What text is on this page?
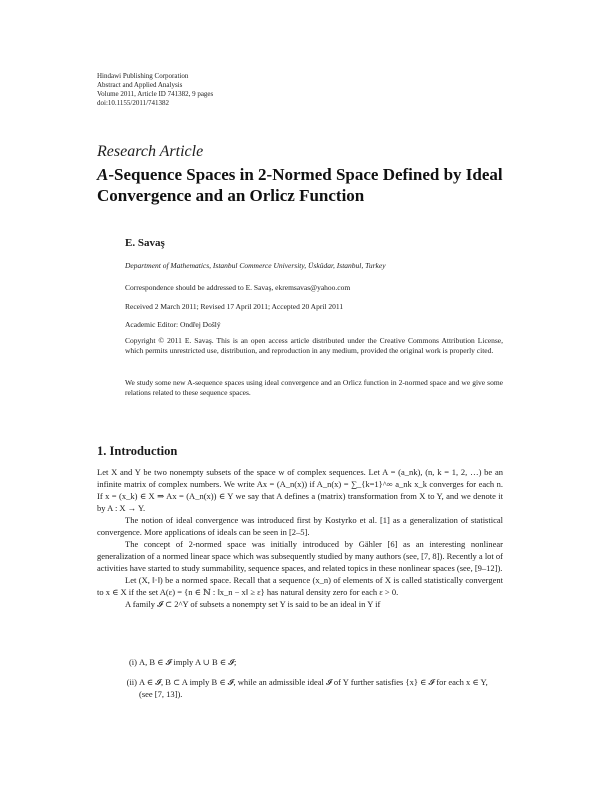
Hindawi Publishing Corporation
Abstract and Applied Analysis
Volume 2011, Article ID 741382, 9 pages
doi:10.1155/2011/741382
Research Article
A-Sequence Spaces in 2-Normed Space Defined by Ideal Convergence and an Orlicz Function
E. Savaş
Department of Mathematics, Istanbul Commerce University, Üsküdar, Istanbul, Turkey
Correspondence should be addressed to E. Savaş, ekremsavas@yahoo.com
Received 2 March 2011; Revised 17 April 2011; Accepted 20 April 2011
Academic Editor: Ondřej Došlý
Copyright © 2011 E. Savaş. This is an open access article distributed under the Creative Commons Attribution License, which permits unrestricted use, distribution, and reproduction in any medium, provided the original work is properly cited.
We study some new A-sequence spaces using ideal convergence and an Orlicz function in 2-normed space and we give some relations related to these sequence spaces.
1. Introduction

Let X and Y be two nonempty subsets of the space w of complex sequences. Let A = (a_nk), (n, k = 1, 2, …) be an infinite matrix of complex numbers. We write Ax = (A_n(x)) if A_n(x) = ∑_{k=1}^∞ a_nk x_k converges for each n. If x = (x_k) ∈ X ⇒ Ax = (A_n(x)) ∈ Y we say that A defines a (matrix) transformation from X to Y, and we denote it by A : X → Y.

The notion of ideal convergence was introduced first by Kostyrko et al. [1] as a generalization of statistical convergence. More applications of ideals can be seen in [2–5].

The concept of 2-normed space was initially introduced by Gähler [6] as an interesting nonlinear generalization of a normed linear space which was subsequently studied by many authors (see, [7, 8]). Recently a lot of activities have started to study summability, sequence spaces, and related topics in these nonlinear spaces (see, [9–12]).

Let (X, ‖·‖) be a normed space. Recall that a sequence (x_n) of elements of X is called statistically convergent to x ∈ X if the set A(ε) = {n ∈ ℕ : ‖x_n − x‖ ≥ ε} has natural density zero for each ε > 0.

A family 𝓘 ⊂ 2^Y of subsets a nonempty set Y is said to be an ideal in Y if

(i) A, B ∈ 𝓘 imply A ∪ B ∈ 𝓘;
(ii) A ∈ 𝓘, B ⊂ A imply B ∈ 𝓘, while an admissible ideal 𝓘 of Y further satisfies {x} ∈ 𝓘 for each x ∈ Y, (see [7, 13]).
